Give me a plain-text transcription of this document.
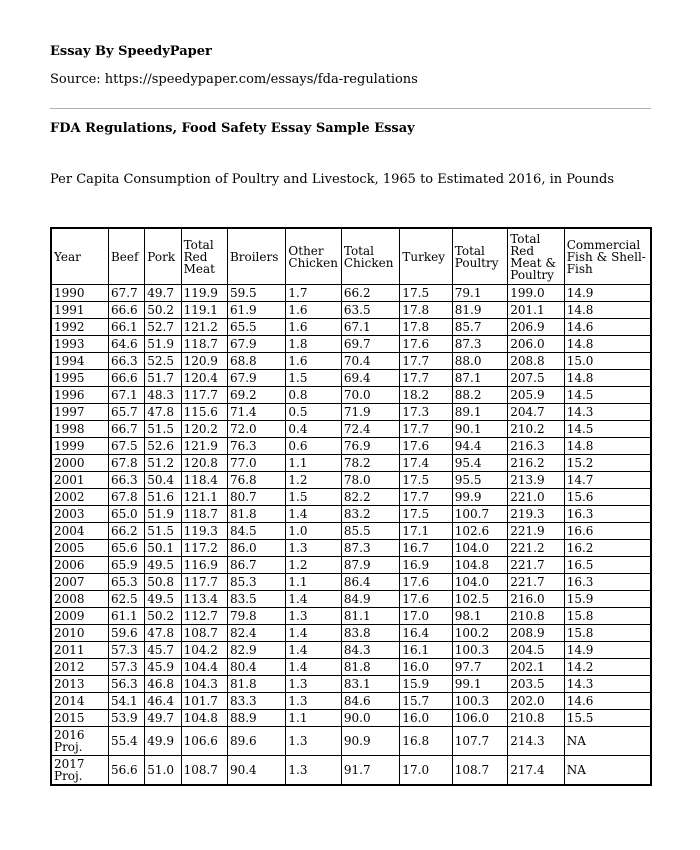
Essay By SpeedyPaper
Source: https://speedypaper.com/essays/fda-regulations
FDA Regulations, Food Safety Essay Sample Essay
Per Capita Consumption of Poultry and Livestock, 1965 to Estimated 2016, in Pounds
Year	Beef	Pork	Total Red Meat	Broilers	Other Chicken	Total Chicken	Turkey	Total Poultry	Total Red Meat & Poultry	Commercial Fish & Shell-Fish
1990	67.7	49.7	119.9	59.5	1.7	66.2	17.5	79.1	199.0	14.9
1991	66.6	50.2	119.1	61.9	1.6	63.5	17.8	81.9	201.1	14.8
1992	66.1	52.7	121.2	65.5	1.6	67.1	17.8	85.7	206.9	14.6
1993	64.6	51.9	118.7	67.9	1.8	69.7	17.6	87.3	206.0	14.8
1994	66.3	52.5	120.9	68.8	1.6	70.4	17.7	88.0	208.8	15.0
1995	66.6	51.7	120.4	67.9	1.5	69.4	17.7	87.1	207.5	14.8
1996	67.1	48.3	117.7	69.2	0.8	70.0	18.2	88.2	205.9	14.5
1997	65.7	47.8	115.6	71.4	0.5	71.9	17.3	89.1	204.7	14.3
1998	66.7	51.5	120.2	72.0	0.4	72.4	17.7	90.1	210.2	14.5
1999	67.5	52.6	121.9	76.3	0.6	76.9	17.6	94.4	216.3	14.8
2000	67.8	51.2	120.8	77.0	1.1	78.2	17.4	95.4	216.2	15.2
2001	66.3	50.4	118.4	76.8	1.2	78.0	17.5	95.5	213.9	14.7
2002	67.8	51.6	121.1	80.7	1.5	82.2	17.7	99.9	221.0	15.6
2003	65.0	51.9	118.7	81.8	1.4	83.2	17.5	100.7	219.3	16.3
2004	66.2	51.5	119.3	84.5	1.0	85.5	17.1	102.6	221.9	16.6
2005	65.6	50.1	117.2	86.0	1.3	87.3	16.7	104.0	221.2	16.2
2006	65.9	49.5	116.9	86.7	1.2	87.9	16.9	104.8	221.7	16.5
2007	65.3	50.8	117.7	85.3	1.1	86.4	17.6	104.0	221.7	16.3
2008	62.5	49.5	113.4	83.5	1.4	84.9	17.6	102.5	216.0	15.9
2009	61.1	50.2	112.7	79.8	1.3	81.1	17.0	98.1	210.8	15.8
2010	59.6	47.8	108.7	82.4	1.4	83.8	16.4	100.2	208.9	15.8
2011	57.3	45.7	104.2	82.9	1.4	84.3	16.1	100.3	204.5	14.9
2012	57.3	45.9	104.4	80.4	1.4	81.8	16.0	97.7	202.1	14.2
2013	56.3	46.8	104.3	81.8	1.3	83.1	15.9	99.1	203.5	14.3
2014	54.1	46.4	101.7	83.3	1.3	84.6	15.7	100.3	202.0	14.6
2015	53.9	49.7	104.8	88.9	1.1	90.0	16.0	106.0	210.8	15.5
2016 Proj.	55.4	49.9	106.6	89.6	1.3	90.9	16.8	107.7	214.3	NA
2017 Proj.	56.6	51.0	108.7	90.4	1.3	91.7	17.0	108.7	217.4	NA
